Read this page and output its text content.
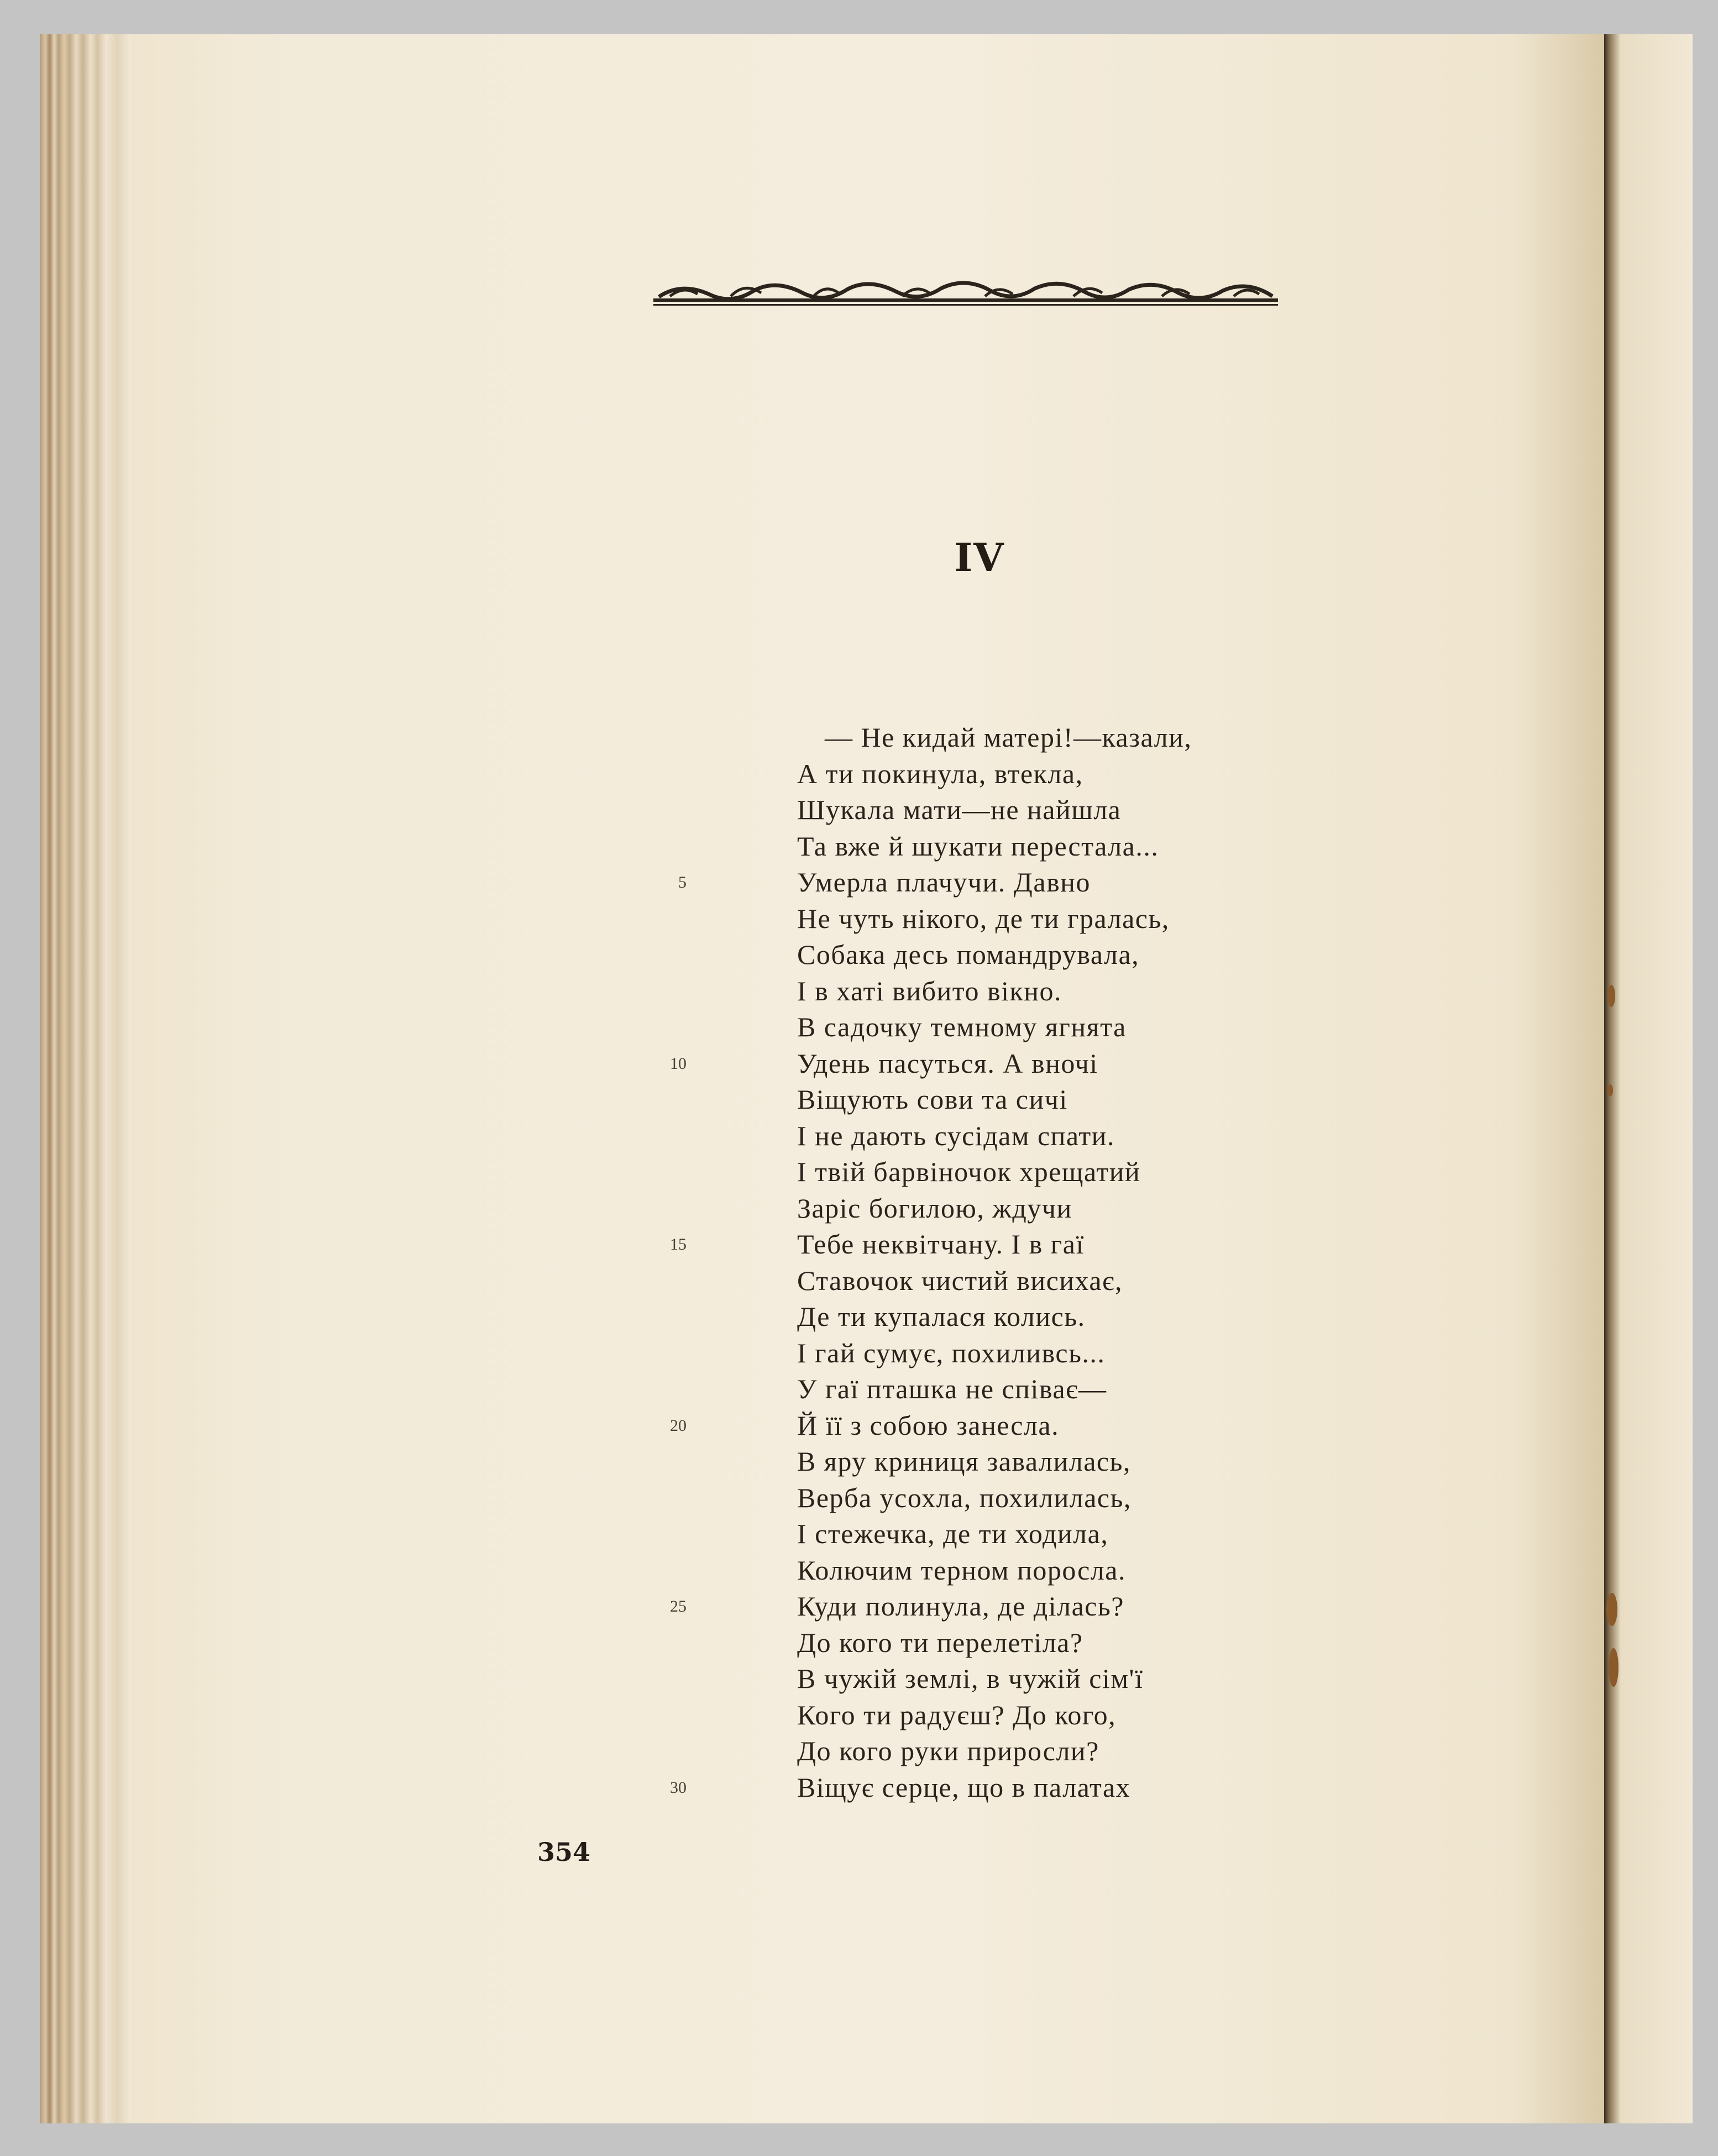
IV
— Не кидай матері!—казали,
А ти покинула, втекла,
Шукала мати—не найшла
Та вже й шукати перестала...
5	Умерла плачучи. Давно
Не чуть нікого, де ти гралась,
Собака десь помандрувала,
І в хаті вибито вікно.
В садочку темному ягнята
10	Удень пасуться. А вночі
Віщують сови та сичі
І не дають сусідам спати.
І твій барвіночок хрещатий
Заріс богилою, ждучи
15	Тебе неквітчану. І в гаї
Ставочок чистий висихає,
Де ти купалася колись.
І гай сумує, похиливсь...
У гаї пташка не співає—
20	Й її з собою занесла.
В яру криниця завалилась,
Верба усохла, похилилась,
І стежечка, де ти ходила,
Колючим терном поросла.
25	Куди полинула, де ділась?
До кого ти перелетіла?
В чужій землі, в чужій сім'ї
Кого ти радуєш? До кого,
До кого руки приросли?
30	Віщує серце, що в палатах
354
